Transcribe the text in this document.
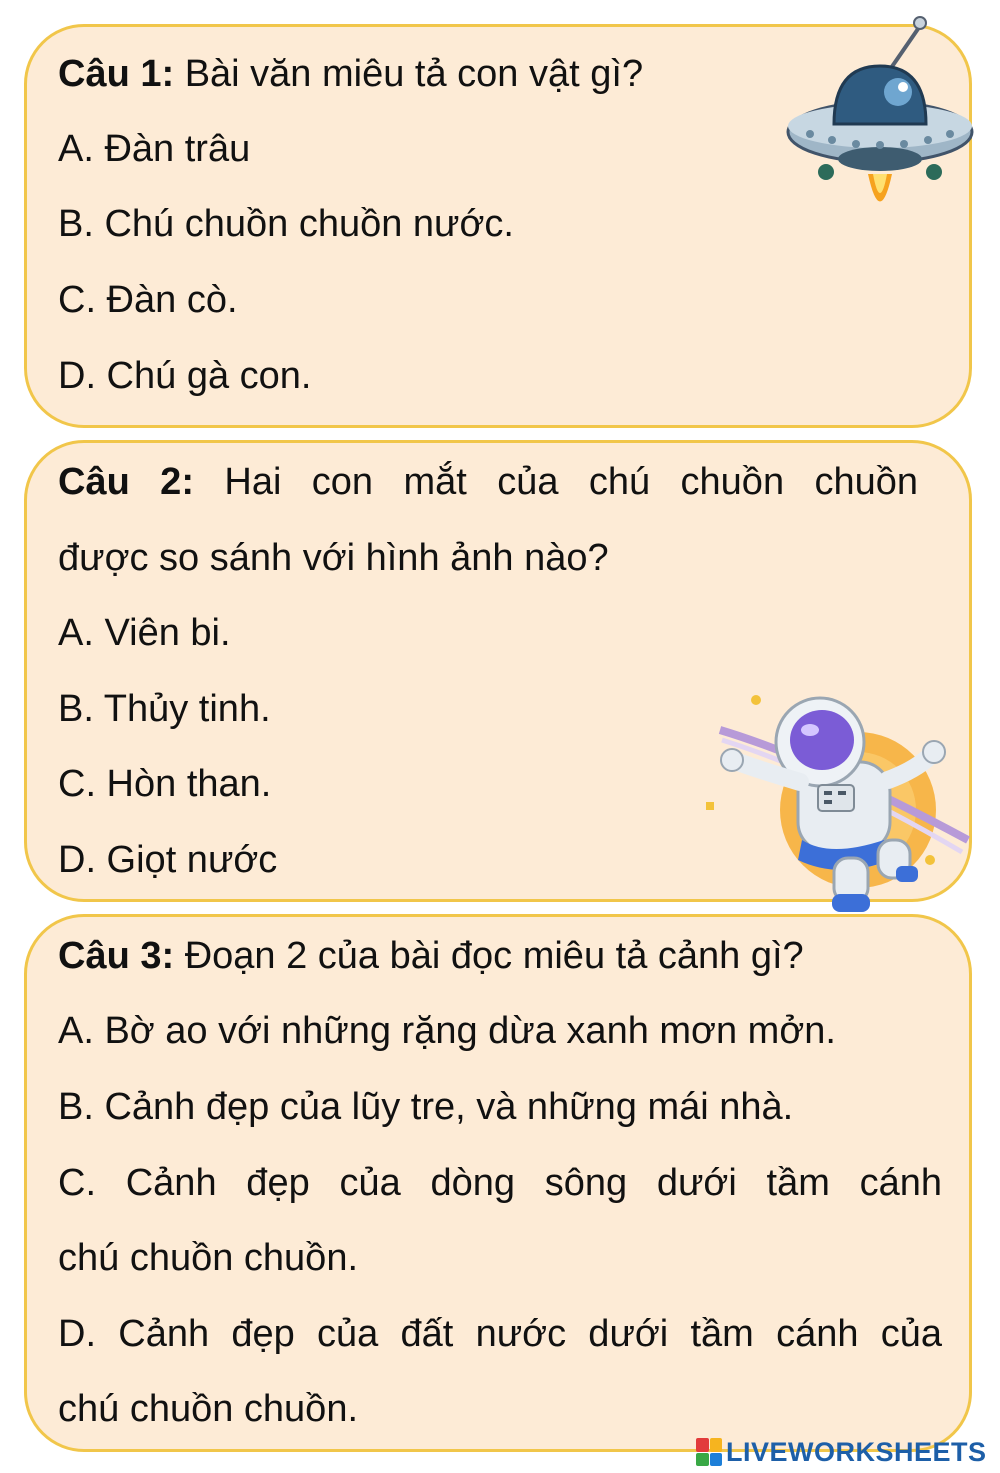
Câu 1: Bài văn miêu tả con vật gì?

A. Đàn trâu

B. Chú chuồn chuồn nước.

C. Đàn cò.

D. Chú gà con.

Câu 2: Hai con mắt của chú chuồn chuồn

được so sánh với hình ảnh nào?

A. Viên bi.

B. Thủy tinh.

C. Hòn than.

D. Giọt nước

Câu 3: Đoạn 2 của bài đọc miêu tả cảnh gì?

A. Bờ ao với những rặng dừa xanh mơn mởn.

B. Cảnh đẹp của lũy tre, và những mái nhà.

C. Cảnh đẹp của dòng sông dưới tầm cánh

chú chuồn chuồn.

D. Cảnh đẹp của đất nước dưới tầm cánh của

chú chuồn chuồn.

LIVEWORKSHEETS
